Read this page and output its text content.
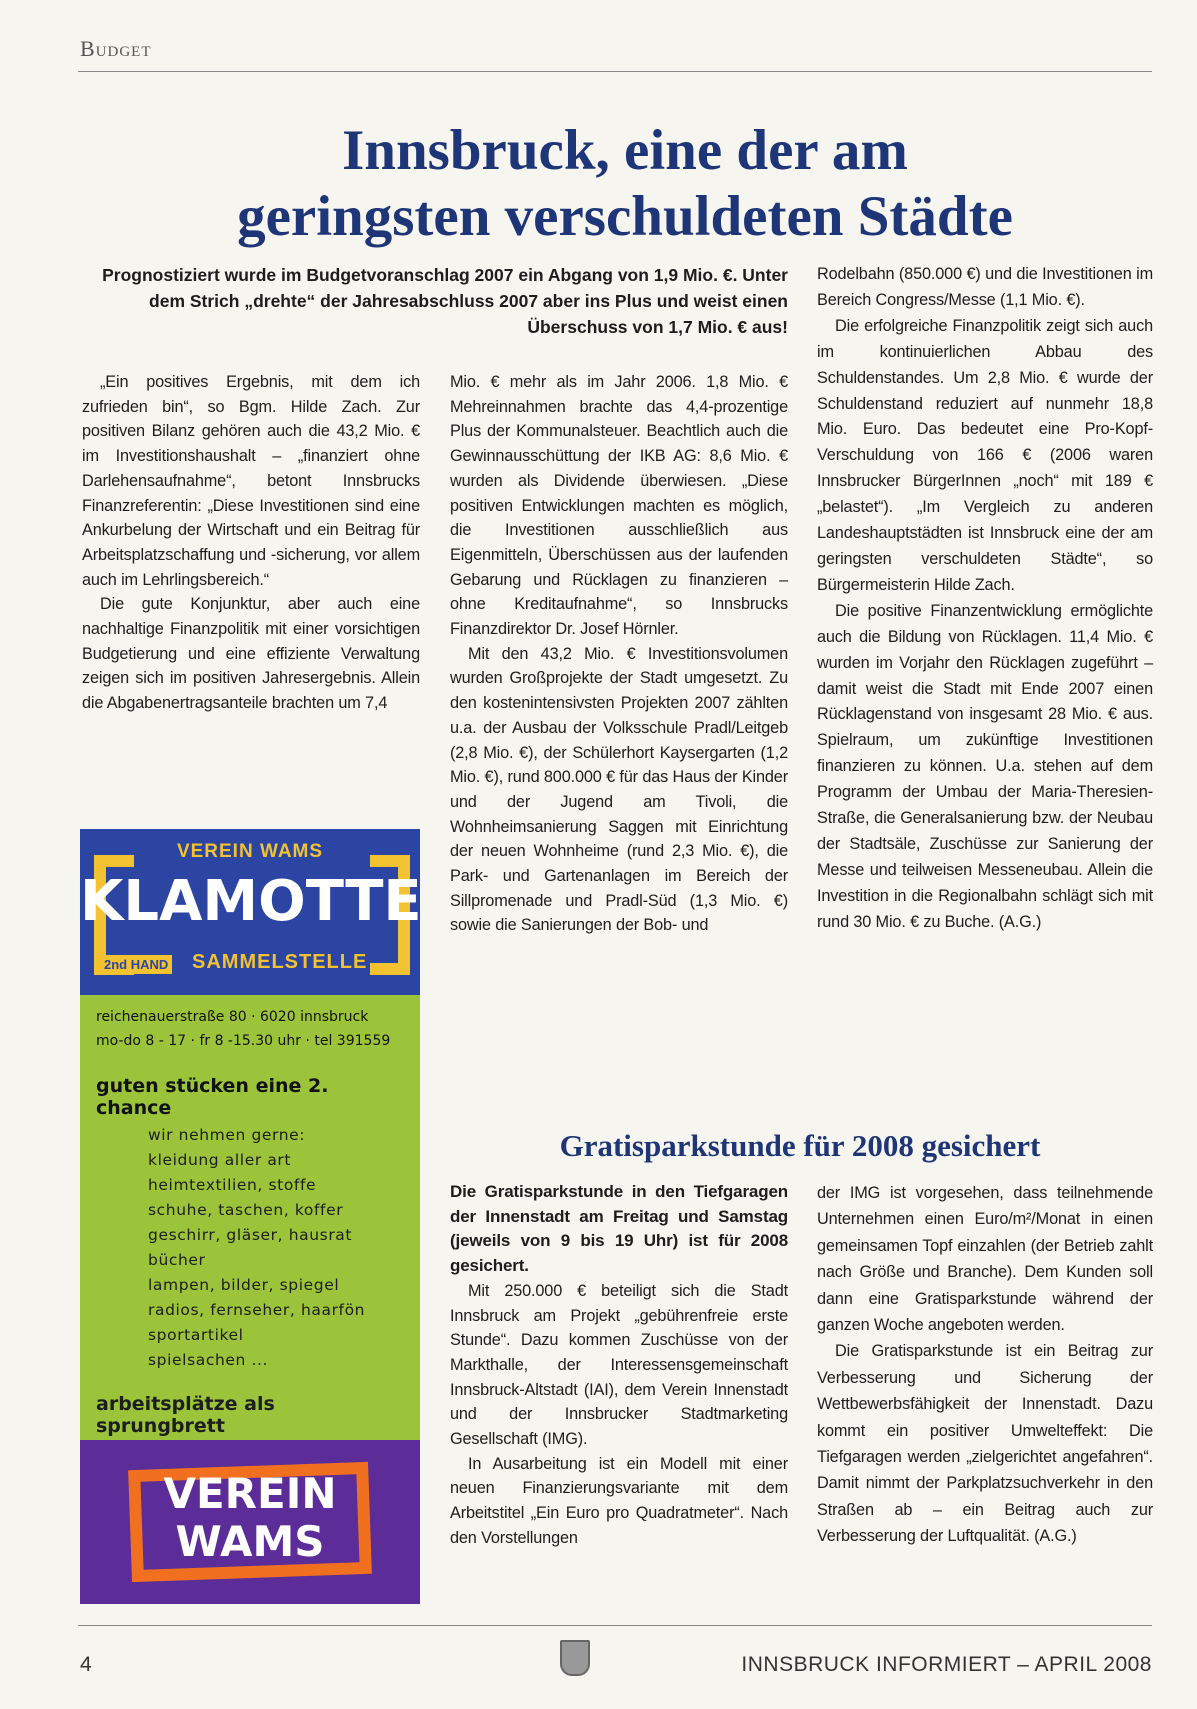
Budget
Innsbruck, eine der am
geringsten verschuldeten Städte
Prognostiziert wurde im Budgetvoranschlag 2007 ein Abgang von 1,9 Mio. €. Unter dem Strich „drehte“ der Jahresabschluss 2007 aber ins Plus und weist einen Überschuss von 1,7 Mio. € aus!

„Ein positives Ergebnis, mit dem ich zufrieden bin“, so Bgm. Hilde Zach. Zur positiven Bilanz gehören auch die 43,2 Mio. € im Investitionshaushalt – „finanziert ohne Darlehensaufnahme“, betont Innsbrucks Finanzreferentin: „Diese Investitionen sind eine Ankurbelung der Wirtschaft und ein Beitrag für Arbeitsplatzschaffung und -sicherung, vor allem auch im Lehrlingsbereich.“

Die gute Konjunktur, aber auch eine nachhaltige Finanzpolitik mit einer vorsichtigen Budgetierung und eine effiziente Verwaltung zeigen sich im positiven Jahresergebnis. Allein die Abgabenertragsanteile brachten um 7,4

Mio. € mehr als im Jahr 2006. 1,8 Mio. € Mehreinnahmen brachte das 4,4-prozentige Plus der Kommunalsteuer. Beachtlich auch die Gewinnausschüttung der IKB AG: 8,6 Mio. € wurden als Dividende überwiesen. „Diese positiven Entwicklungen machten es möglich, die Investitionen ausschließlich aus Eigenmitteln, Überschüssen aus der laufenden Gebarung und Rücklagen zu finanzieren – ohne Kreditaufnahme“, so Innsbrucks Finanzdirektor Dr. Josef Hörnler.

Mit den 43,2 Mio. € Investitionsvolumen wurden Großprojekte der Stadt umgesetzt. Zu den kostenintensivsten Projekten 2007 zählten u.a. der Ausbau der Volksschule Pradl/Leitgeb (2,8 Mio. €), der Schülerhort Kaysergarten (1,2 Mio. €), rund 800.000 € für das Haus der Kinder und der Jugend am Tivoli, die Wohnheimsanierung Saggen mit Einrichtung der neuen Wohnheime (rund 2,3 Mio. €), die Park- und Gartenanlagen im Bereich der Sillpromenade und Pradl-Süd (1,3 Mio. €) sowie die Sanierungen der Bob- und

Rodelbahn (850.000 €) und die Investitionen im Bereich Congress/Messe (1,1 Mio. €).

Die erfolgreiche Finanzpolitik zeigt sich auch im kontinuierlichen Abbau des Schuldenstandes. Um 2,8 Mio. € wurde der Schuldenstand reduziert auf nunmehr 18,8 Mio. Euro. Das bedeutet eine Pro-Kopf-Verschuldung von 166 € (2006 waren Innsbrucker BürgerInnen „noch“ mit 189 € „belastet“). „Im Vergleich zu anderen Landeshauptstädten ist Innsbruck eine der am geringsten verschuldeten Städte“, so Bürgermeisterin Hilde Zach.

Die positive Finanzentwicklung ermöglichte auch die Bildung von Rücklagen. 11,4 Mio. € wurden im Vorjahr den Rücklagen zugeführt – damit weist die Stadt mit Ende 2007 einen Rücklagenstand von insgesamt 28 Mio. € aus. Spielraum, um zukünftige Investitionen finanzieren zu können. U.a. stehen auf dem Programm der Umbau der Maria-Theresien-Straße, die Generalsanierung bzw. der Neubau der Stadtsäle, Zuschüsse zur Sanierung der Messe und teilweisen Messeneubau. Allein die Investition in die Regionalbahn schlägt sich mit rund 30 Mio. € zu Buche. (A.G.)

Gratisparkstunde für 2008 gesichert

Die Gratisparkstunde in den Tiefgaragen der Innenstadt am Freitag und Samstag (jeweils von 9 bis 19 Uhr) ist für 2008 gesichert.

Mit 250.000 € beteiligt sich die Stadt Innsbruck am Projekt „gebührenfreie erste Stunde“. Dazu kommen Zuschüsse von der Markthalle, der Interessensgemeinschaft Innsbruck-Altstadt (IAI), dem Verein Innenstadt und der Innsbrucker Stadtmarketing Gesellschaft (IMG).

In Ausarbeitung ist ein Modell mit einer neuen Finanzierungsvariante mit dem Arbeitstitel „Ein Euro pro Quadratmeter“. Nach den Vorstellungen

der IMG ist vorgesehen, dass teilnehmende Unternehmen einen Euro/m²/Monat in einen gemeinsamen Topf einzahlen (der Betrieb zahlt nach Größe und Branche). Dem Kunden soll dann eine Gratisparkstunde während der ganzen Woche angeboten werden.

Die Gratisparkstunde ist ein Beitrag zur Verbesserung und Sicherung der Wettbewerbsfähigkeit der Innenstadt. Dazu kommt ein positiver Umwelteffekt: Die Tiefgaragen werden „zielgerichtet angefahren“. Damit nimmt der Parkplatzsuchverkehr in den Straßen ab – ein Beitrag auch zur Verbesserung der Luftqualität. (A.G.)

VEREIN WAMS
KLAMOTTE
2nd HAND SAMMELSTELLE
reichenauerstraße 80 · 6020 innsbruck
mo-do 8 - 17 · fr 8 -15.30 uhr · tel 391559
guten stücken eine 2. chance
wir nehmen gerne:
kleidung aller art
heimtextilien, stoffe
schuhe, taschen, koffer
geschirr, gläser, hausrat
bücher
lampen, bilder, spiegel
radios, fernseher, haarfön
sportartikel
spielsachen ...
arbeitsplätze als sprungbrett
VEREIN
WAMS
4	INNSBRUCK INFORMIERT – APRIL 2008
